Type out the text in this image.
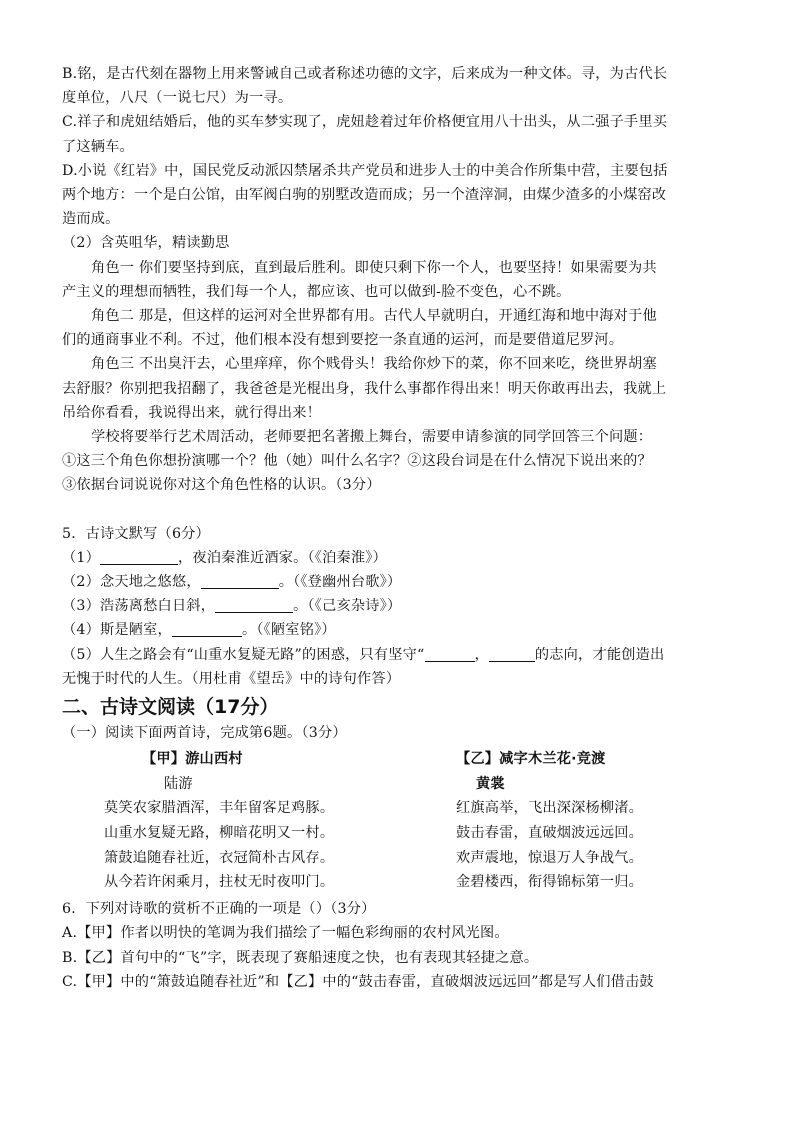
B.铭，是古代刻在器物上用来警诫自己或者称述功德的文字，后来成为一种文体。寻，为古代长
度单位，八尺（一说七尺）为一寻。
C.祥子和虎妞结婚后，他的买车梦实现了，虎妞趁着过年价格便宜用八十出头，从二强子手里买
了这辆车。
D.小说《红岩》中，国民党反动派囚禁屠杀共产党员和进步人士的中美合作所集中营，主要包括
两个地方：一个是白公馆，由军阀白驹的别墅改造而成；另一个渣滓洞，由煤少渣多的小煤窑改
造而成。
（2）含英咀华，精读勤思
角色一 你们要坚持到底，直到最后胜利。即使只剩下你一个人，也要坚持！如果需要为共
产主义的理想而牺牲，我们每一个人，都应该、也可以做到-脸不变色，心不跳。
角色二 那是，但这样的运河对全世界都有用。古代人早就明白，开通红海和地中海对于他
们的通商事业不利。不过，他们根本没有想到要挖一条直通的运河，而是要借道尼罗河。
角色三 不出臭汗去，心里痒痒，你个贱骨头！我给你炒下的菜，你不回来吃，绕世界胡塞
去舒服？你别把我招翻了，我爸爸是光棍出身，我什么事都作得出来！明天你敢再出去，我就上
吊给你看看，我说得出来，就行得出来！
学校将要举行艺术周活动，老师要把名著搬上舞台，需要申请参演的同学回答三个问题：
①这三个角色你想扮演哪一个？他（她）叫什么名字？②这段台词是在什么情况下说出来的？
③依据台词说说你对这个角色性格的认识。（3分）
5．古诗文默写（6分）
（1）	，夜泊秦淮近酒家。（《泊秦淮》）
（2）念天地之悠悠，	。（《登幽州台歌》）
（3）浩荡离愁白日斜，	。（《己亥杂诗》）
（4）斯是陋室，	。（《陋室铭》）
（5）人生之路会有“山重水复疑无路”的困惑，只有坚守“	，	的志向，才能创造出
无愧于时代的人生。（用杜甫《望岳》中的诗句作答）
二、古诗文阅读（17分）
（一）阅读下面两首诗，完成第6题。（3分）
【甲】游山西村
陆游
莫笑农家腊酒浑，丰年留客足鸡豚。
山重水复疑无路，柳暗花明又一村。
箫鼓追随春社近，衣冠简朴古风存。
从今若许闲乘月，拄杖无时夜叩门。
【乙】减字木兰花·竞渡
黄裳
红旗高举，飞出深深杨柳渚。
鼓击春雷，直破烟波远远回。
欢声震地，惊退万人争战气。
金碧楼西，衔得锦标第一归。
6．下列对诗歌的赏析不正确的一项是（）（3分）
A.【甲】作者以明快的笔调为我们描绘了一幅色彩绚丽的农村风光图。
B.【乙】首句中的“飞”字，既表现了赛船速度之快，也有表现其轻捷之意。
C.【甲】中的“箫鼓追随春社近”和【乙】中的“鼓击春雷，直破烟波远远回”都是写人们借击鼓
